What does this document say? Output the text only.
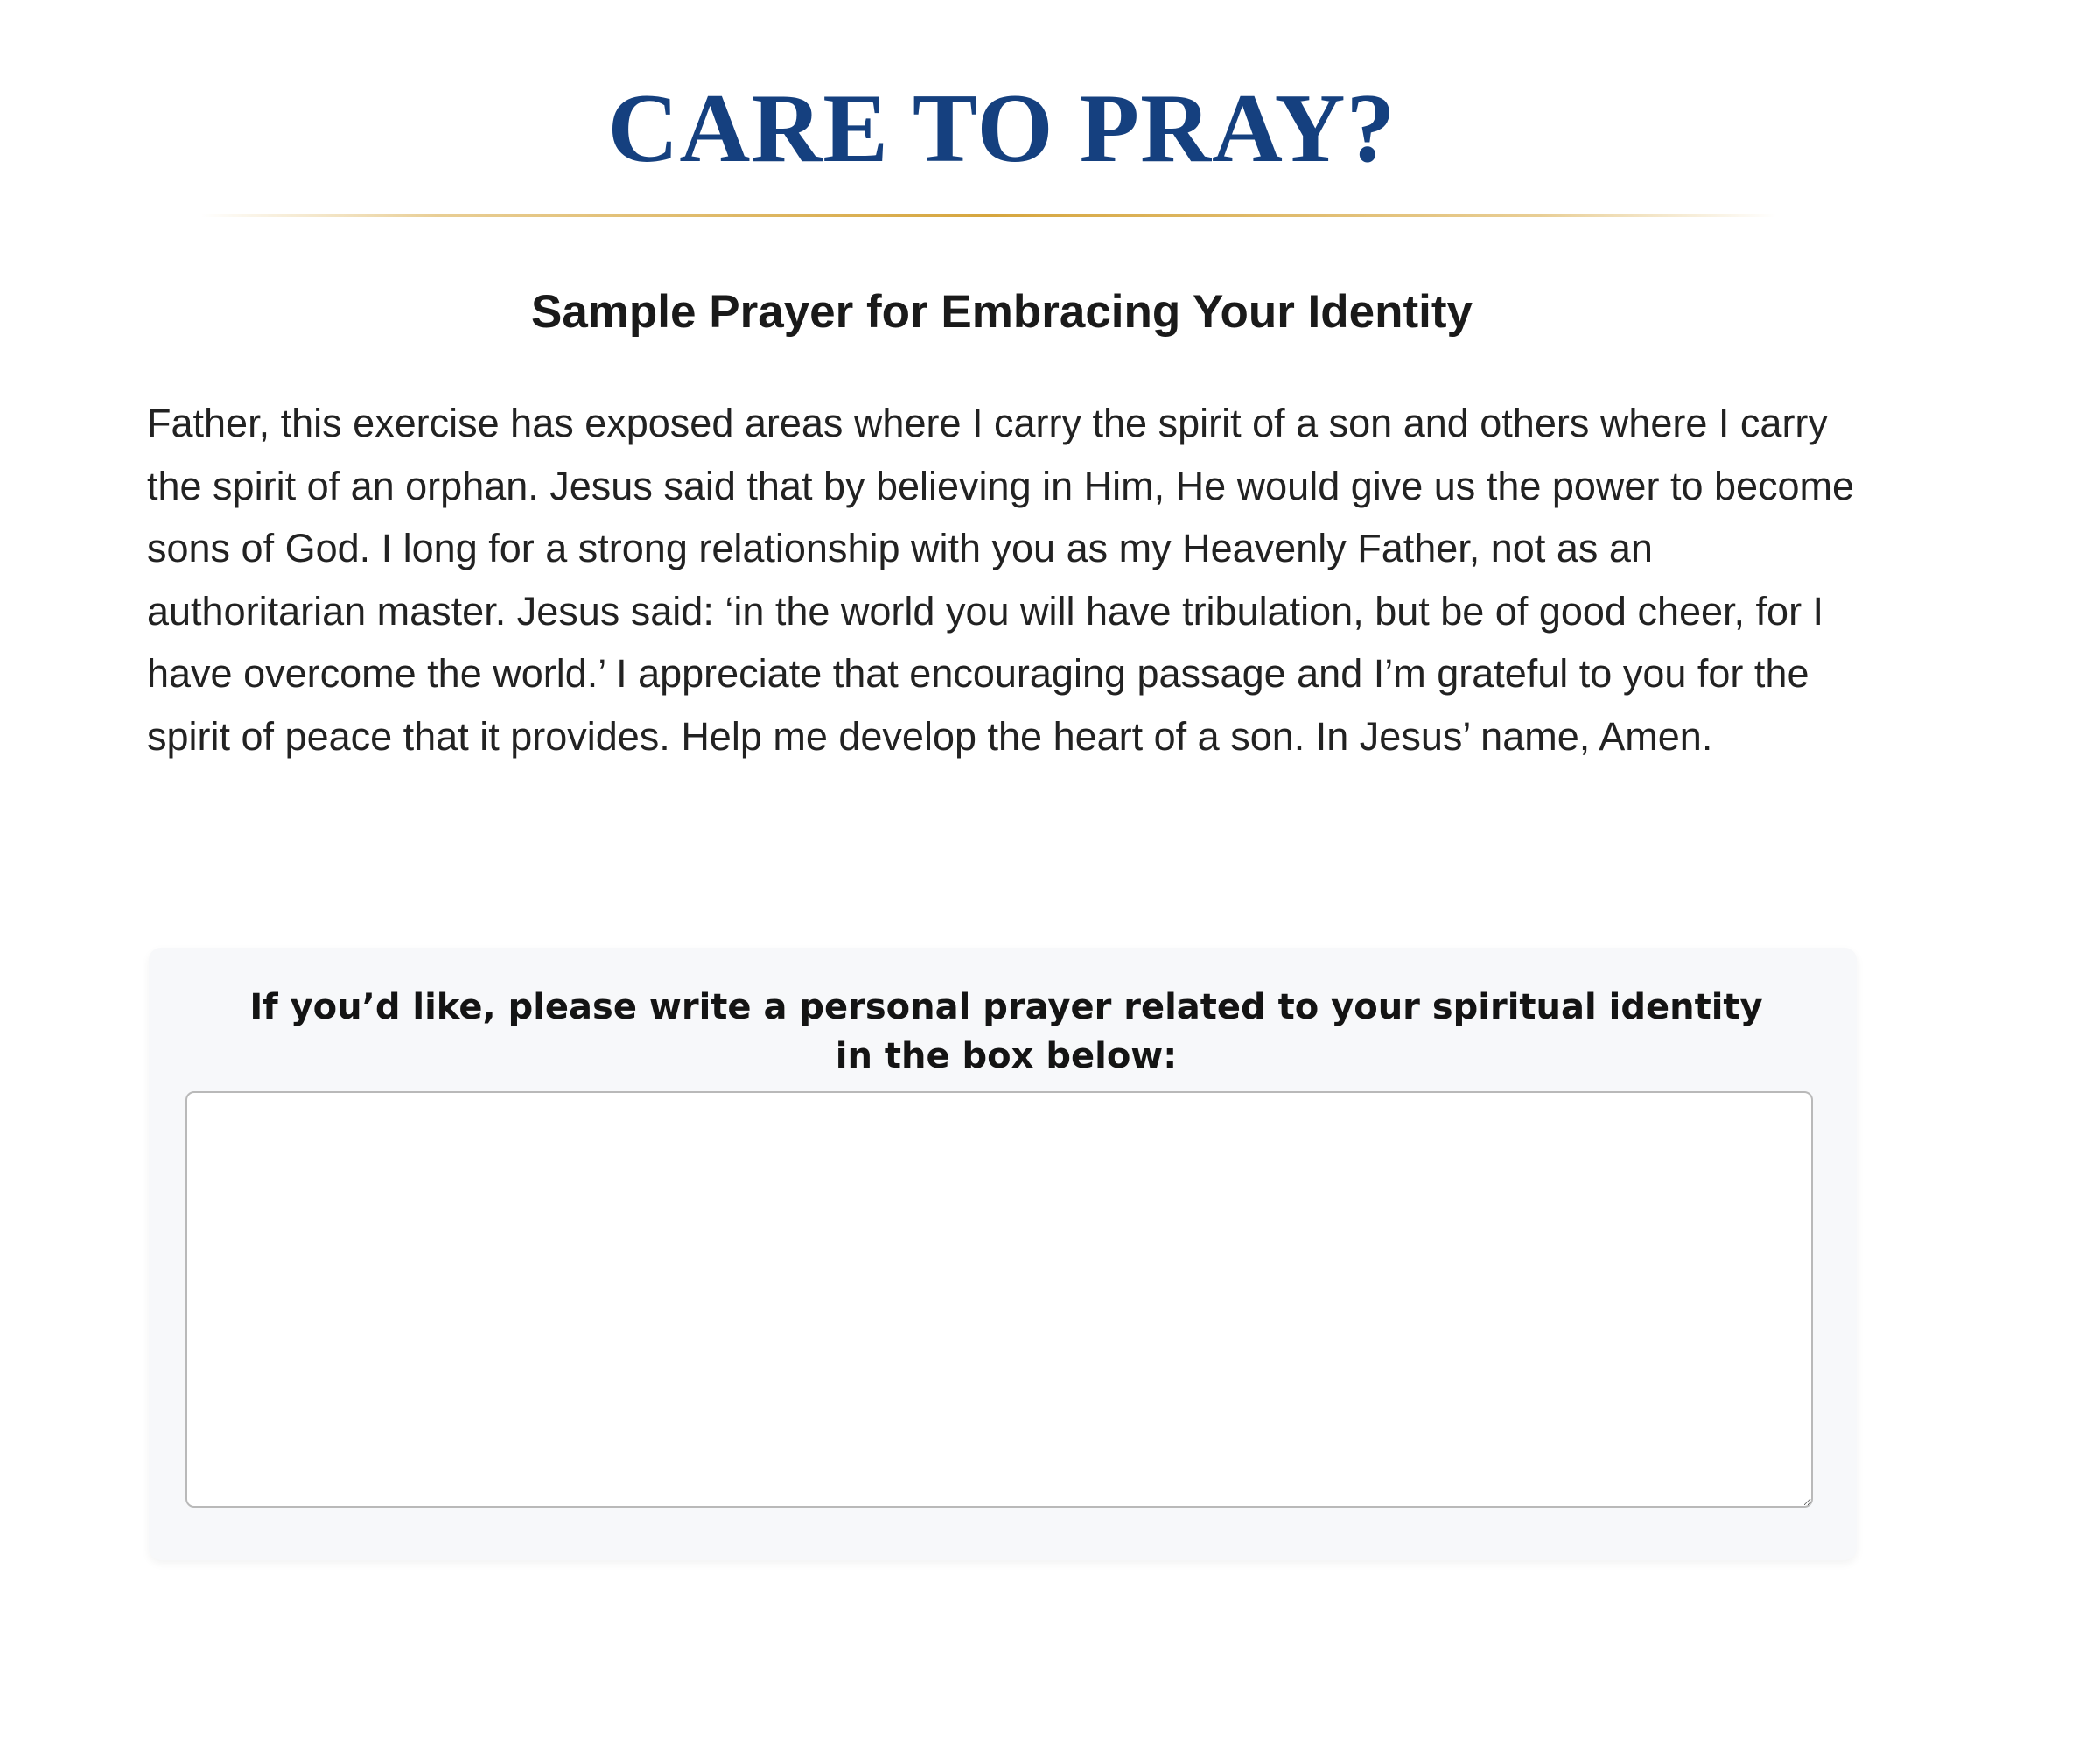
CARE TO PRAY?
Sample Prayer for Embracing Your Identity

Father, this exercise has exposed areas where I carry the spirit of a son and others where I carry the spirit of an orphan. Jesus said that by believing in Him, He would give us the power to become sons of God. I long for a strong relationship with you as my Heavenly Father, not as an authoritarian master. Jesus said: ‘in the world you will have tribulation, but be of good cheer, for I have overcome the world.’ I appreciate that encouraging passage and I’m grateful to you for the spirit of peace that it provides. Help me develop the heart of a son. In Jesus’ name, Amen.

If you’d like, please write a personal prayer related to your spiritual identity in the box below:
